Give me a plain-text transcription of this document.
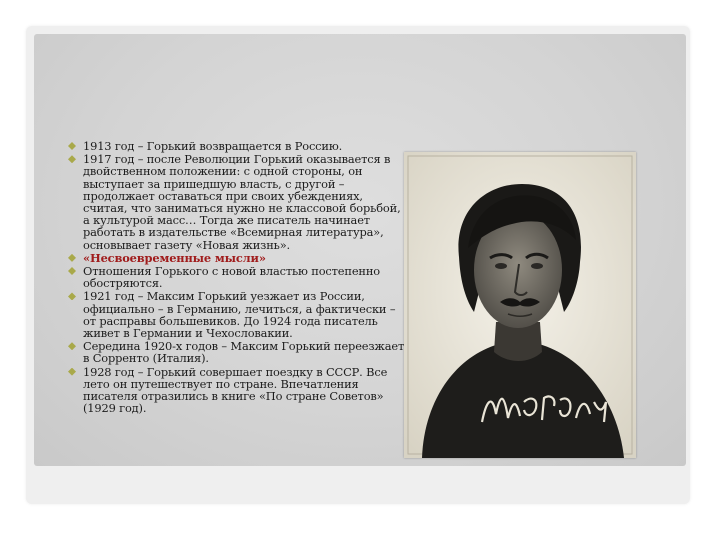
1913 год – Горький возвращается в Россию.
1917 год – после Революции Горький оказывается в двойственном положении: с одной стороны, он выступает за пришедшую власть, с другой – продолжает оставаться при своих убеждениях, считая, что заниматься нужно не классовой борьбой, а культурой масс… Тогда же писатель начинает работать в издательстве «Всемирная литература», основывает газету «Новая жизнь».
«Несвоевременные мысли»
Отношения Горького с новой властью постепенно обостряются.
1921 год – Максим Горький уезжает из России, официально – в Германию, лечиться, а фактически – от расправы большевиков. До 1924 года писатель живет в Германии и Чехословакии.
Середина 1920-х годов – Максим Горький переезжает в Сорренто (Италия).
1928 год – Горький совершает поездку в СССР. Все лето он путешествует по стране. Впечатления писателя отразились в книге «По стране Советов» (1929 год).
